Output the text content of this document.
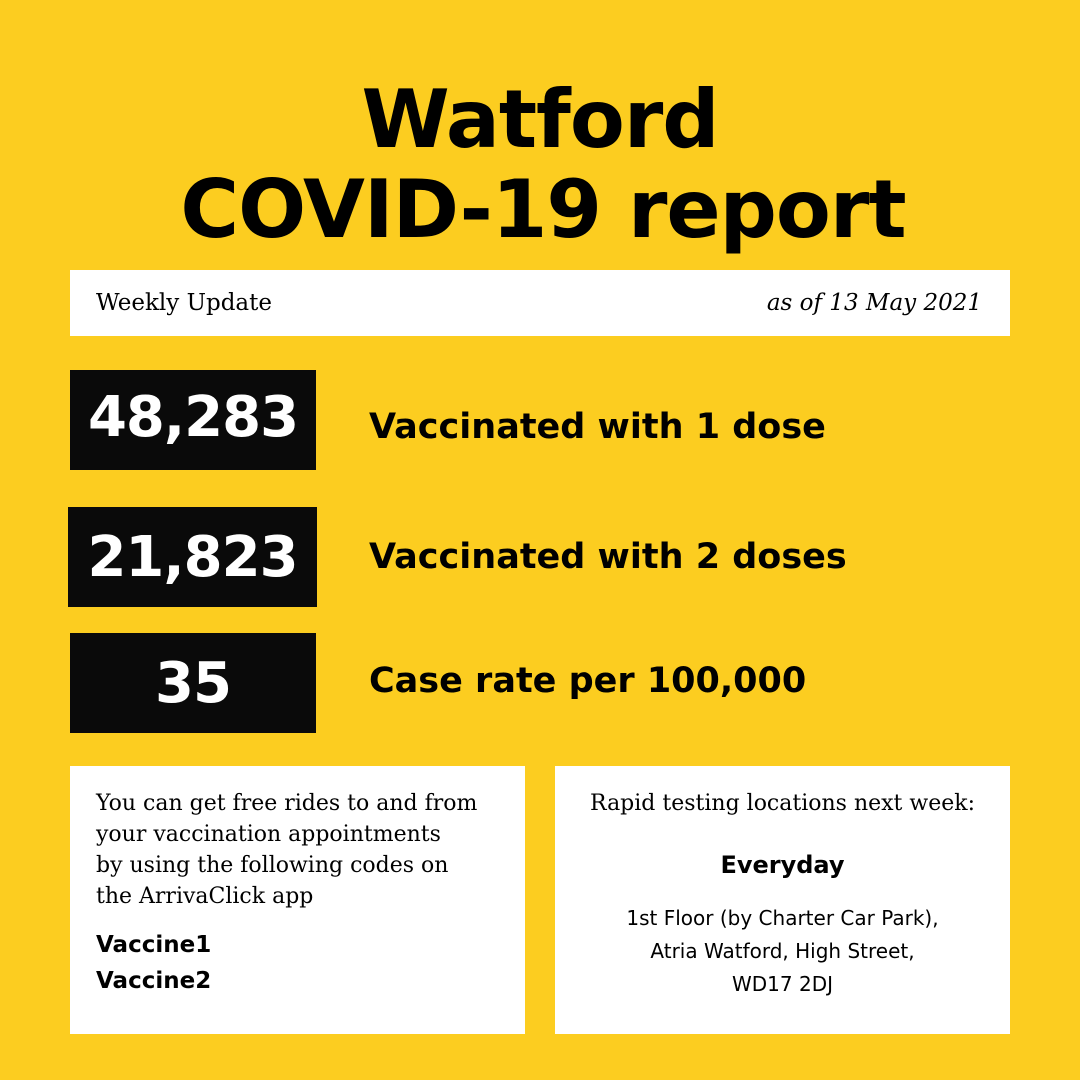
Watford
COVID-19 report
Weekly Update	as of 13 May 2021
48,283	Vaccinated with 1 dose
21,823	Vaccinated with 2 doses
35	Case rate per 100,000
You can get free rides to and from
your vaccination appointments
by using the following codes on
the ArrivaClick app
Vaccine1
Vaccine2
Rapid testing locations next week:
Everyday
1st Floor (by Charter Car Park),
Atria Watford, High Street,
WD17 2DJ
